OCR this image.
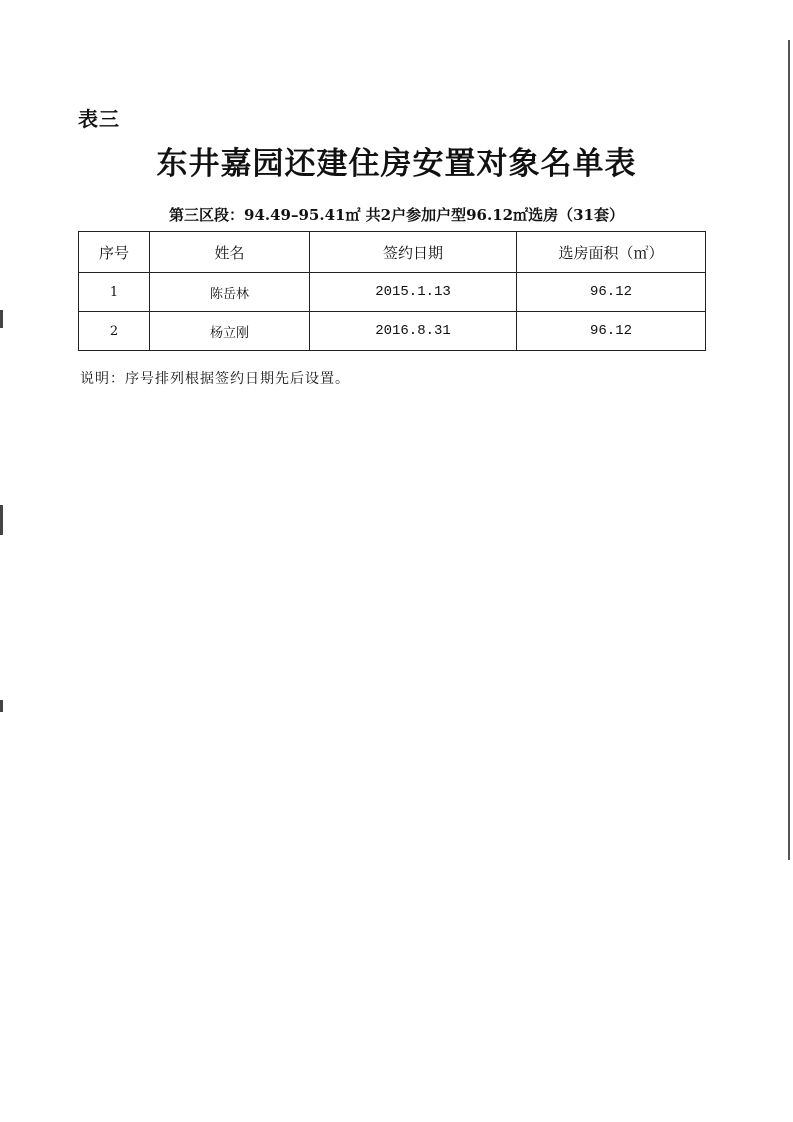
表三
东井嘉园还建住房安置对象名单表
第三区段：94.49–95.41㎡ 共2户参加户型96.12㎡选房（31套）
序号	姓名	签约日期	选房面积（㎡）
1	陈岳林	2015.1.13	96.12
2	杨立刚	2016.8.31	96.12
说明：序号排列根据签约日期先后设置。
